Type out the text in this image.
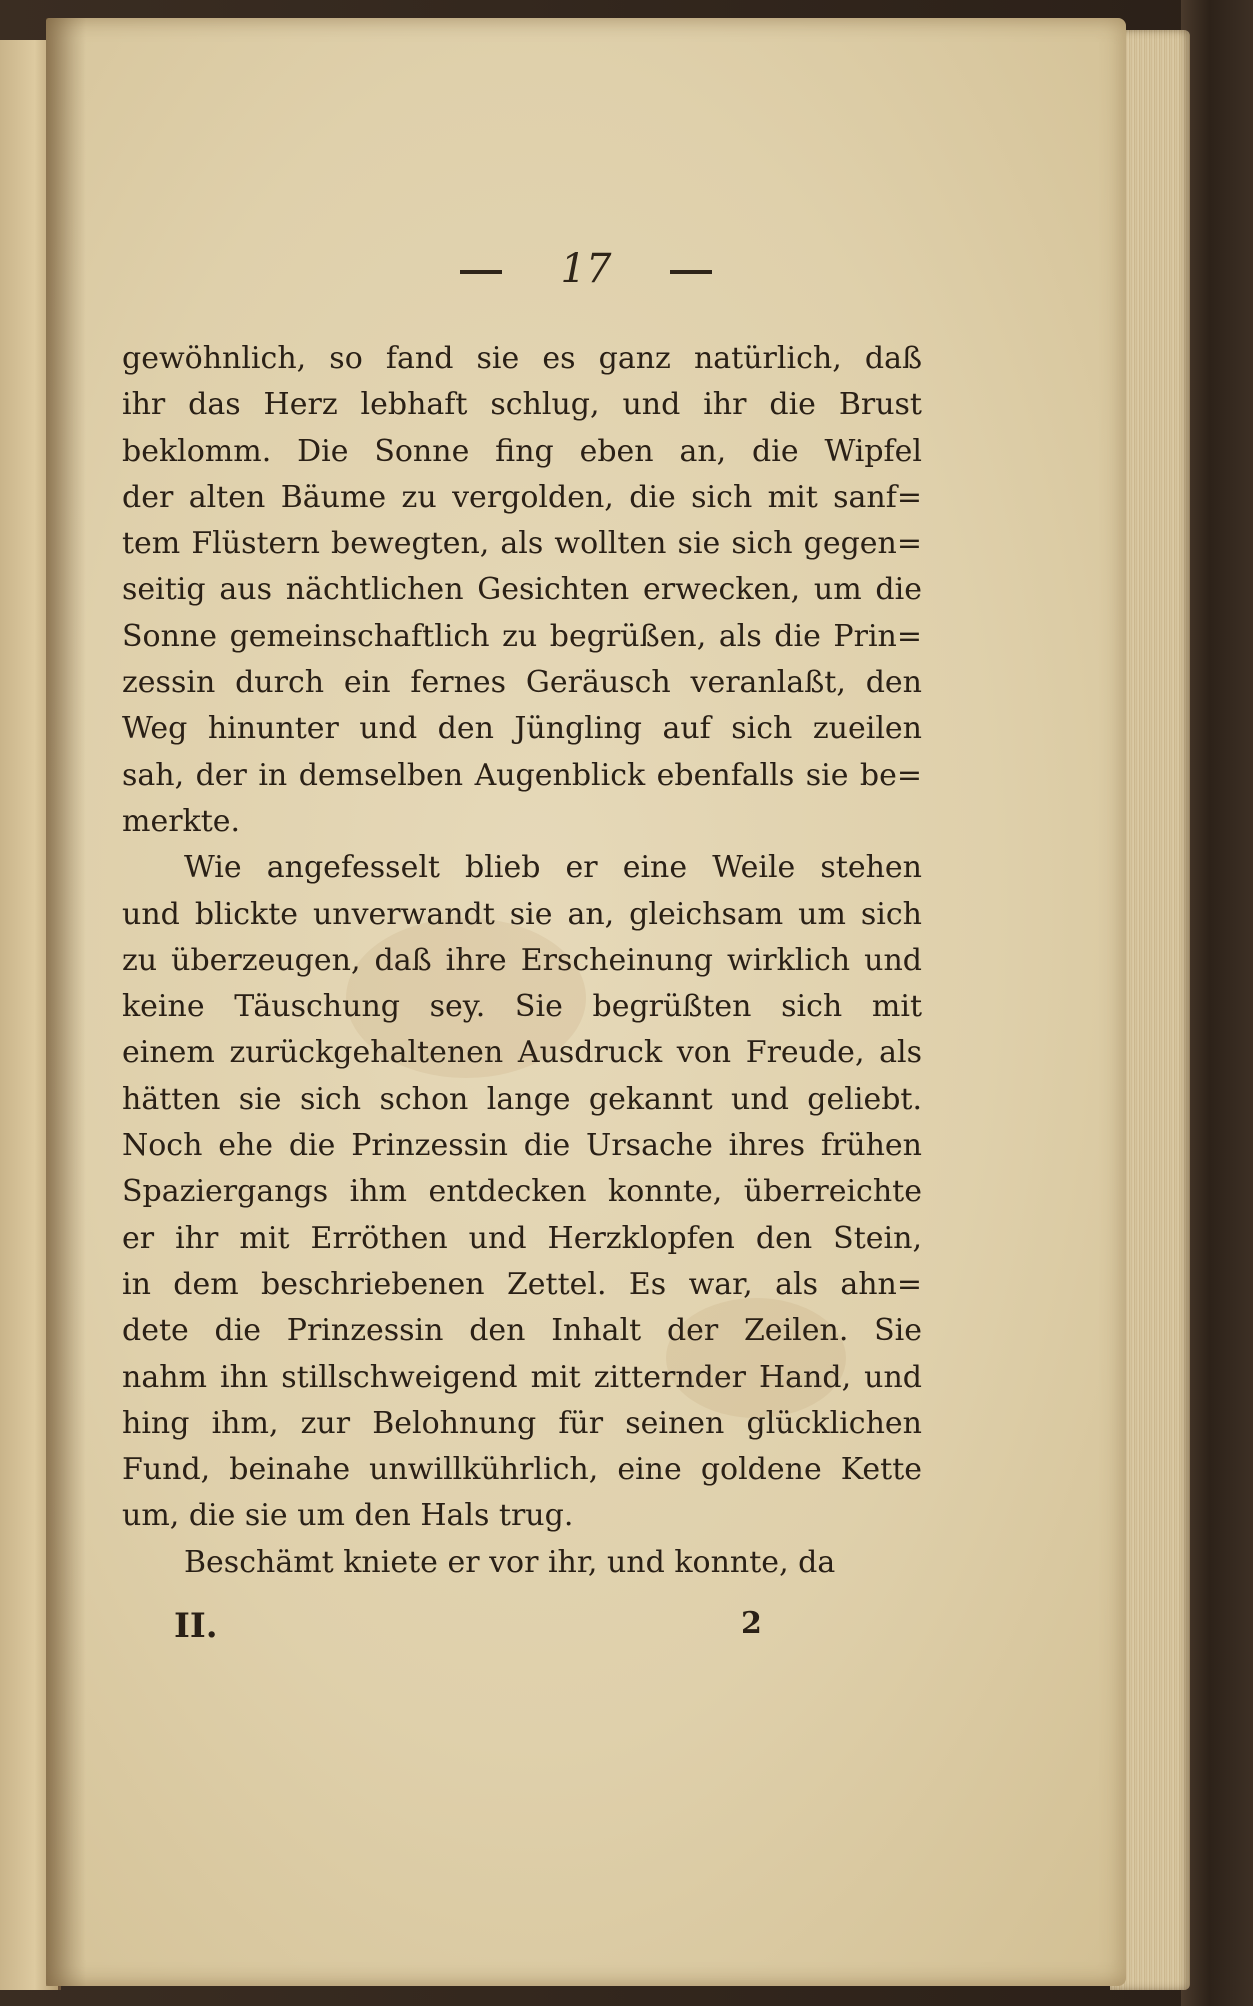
17
gewöhnlich, so fand sie es ganz natürlich, daß
ihr das Herz lebhaft schlug, und ihr die Brust
beklomm. Die Sonne fing eben an, die Wipfel
der alten Bäume zu vergolden, die sich mit sanf=
tem Flüstern bewegten, als wollten sie sich gegen=
seitig aus nächtlichen Gesichten erwecken, um die
Sonne gemeinschaftlich zu begrüßen, als die Prin=
zessin durch ein fernes Geräusch veranlaßt, den
Weg hinunter und den Jüngling auf sich zueilen
sah, der in demselben Augenblick ebenfalls sie be=
merkte.
Wie angefesselt blieb er eine Weile stehen
und blickte unverwandt sie an, gleichsam um sich
zu überzeugen, daß ihre Erscheinung wirklich und
keine Täuschung sey. Sie begrüßten sich mit
einem zurückgehaltenen Ausdruck von Freude, als
hätten sie sich schon lange gekannt und geliebt.
Noch ehe die Prinzessin die Ursache ihres frühen
Spaziergangs ihm entdecken konnte, überreichte
er ihr mit Erröthen und Herzklopfen den Stein,
in dem beschriebenen Zettel. Es war, als ahn=
dete die Prinzessin den Inhalt der Zeilen. Sie
nahm ihn stillschweigend mit zitternder Hand, und
hing ihm, zur Belohnung für seinen glücklichen
Fund, beinahe unwillkührlich, eine goldene Kette
um, die sie um den Hals trug.
Beschämt kniete er vor ihr, und konnte, da
II.	2
